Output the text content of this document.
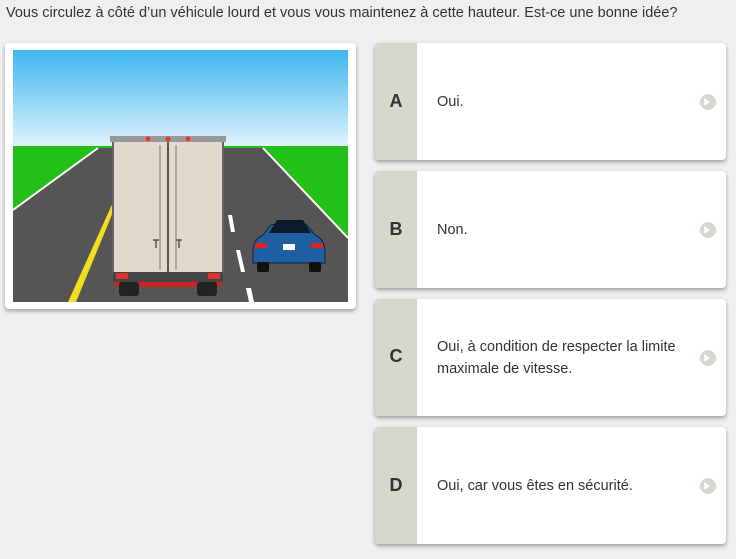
Vous circulez à côté d’un véhicule lourd et vous vous maintenez à cette hauteur. Est-ce une bonne idée?
A	Oui.
B	Non.
C	Oui, à condition de respecter la limite maximale de vitesse.
D	Oui, car vous êtes en sécurité.
